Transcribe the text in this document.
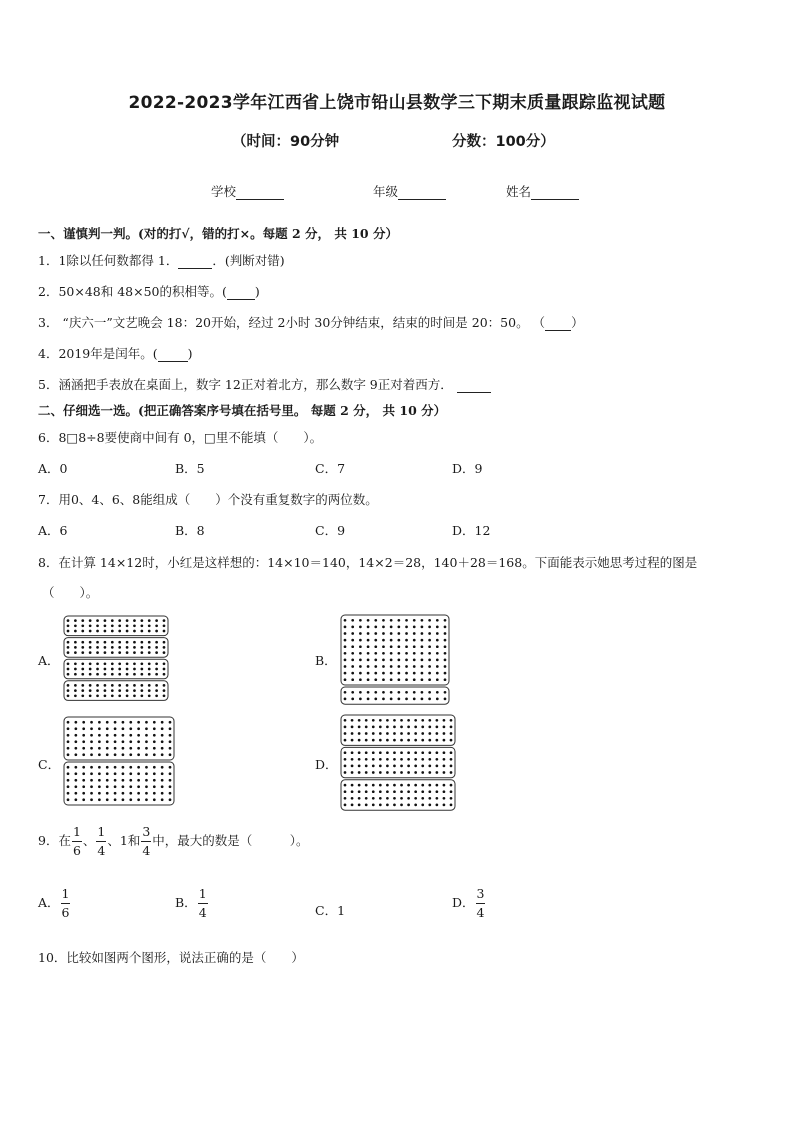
2022-2023学年江西省上饶市铅山县数学三下期末质量跟踪监视试题
（时间：90分钟	分数：100分）
学校	年级	姓名
一、谨慎判一判。(对的打√，错的打×。每题 2 分， 共 10 分）
1．1除以任何数都得 1．	．(判断对错)
2．50×48和 48×50的积相等。( )
3． “庆六一”文艺晚会 18：20开始，经过 2小时 30分钟结束，结束的时间是 20：50。 （ ）
4．2019年是闰年。( )
5．涵涵把手表放在桌面上，数字 12正对着北方，那么数字 9正对着西方．
二、仔细选一选。(把正确答案序号填在括号里。 每题 2 分， 共 10 分）
6．8□8÷8要使商中间有 0，□里不能填（　　）。
A．0	B．5	C．7	D．9
7．用0、4、6、8能组成（　　）个没有重复数字的两位数。
A．6	B．8	C．9	D．12
8．在计算 14×12时，小红是这样想的：14×10＝140，14×2＝28，140＋28＝168。下面能表示她思考过程的图是
（　　）。
A．	B．
C．	D．
9．在 $\frac{1}{6}$ 、 $\frac{1}{4}$ 、1和 $\frac{3}{4}$ 中，最大的数是（　　　）。
A． $\frac{1}{6}$	B． $\frac{1}{4}$	C．1
D． $\frac{3}{4}$
10．比较如图两个图形，说法正确的是（　　）
